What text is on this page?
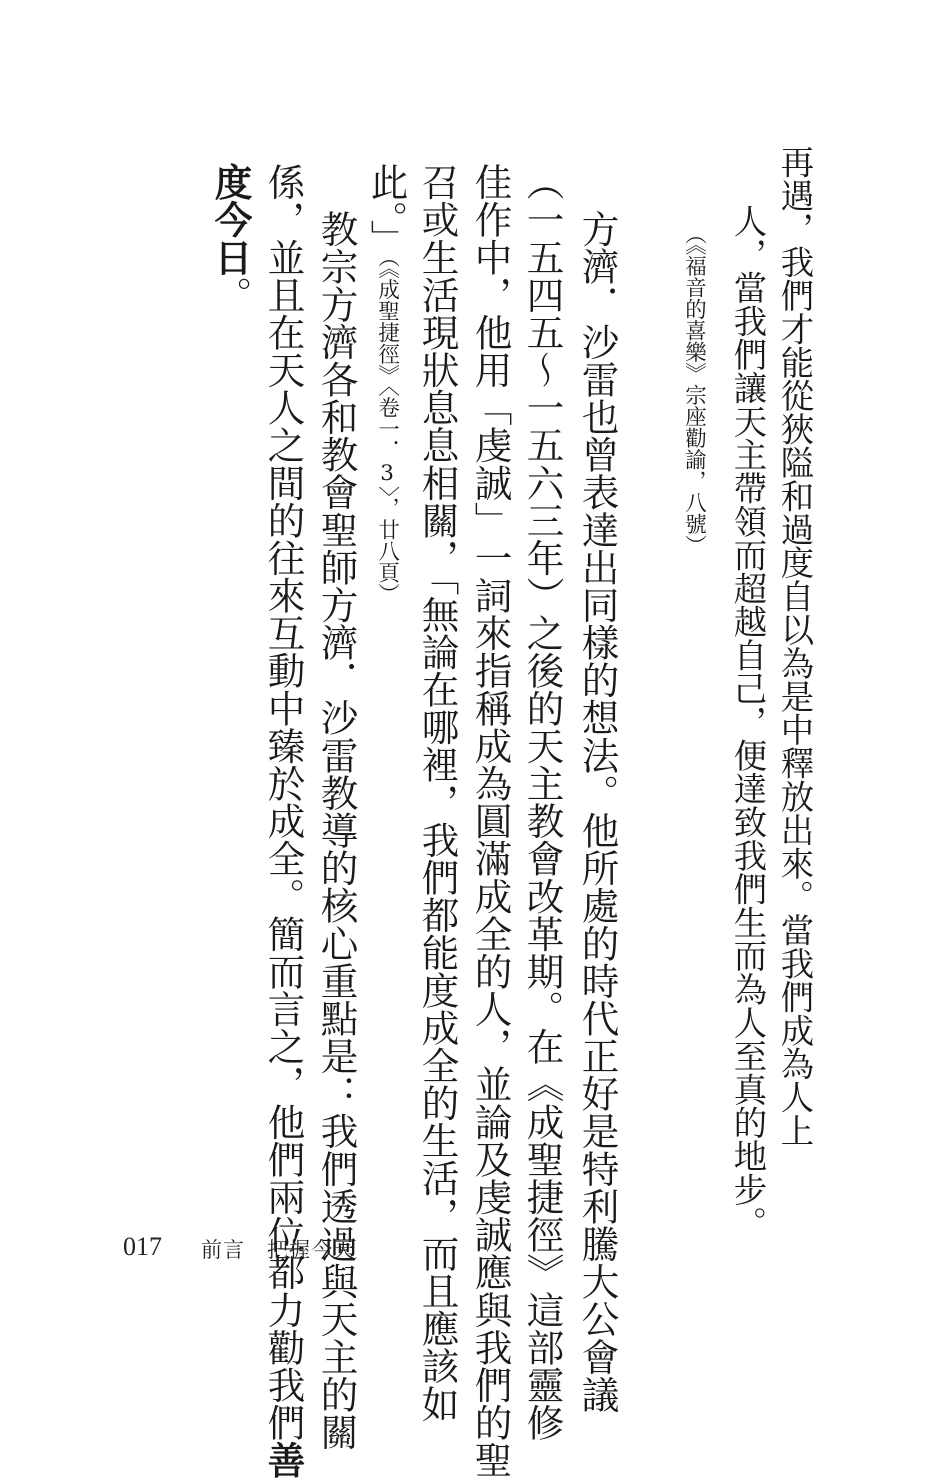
再遇，我們才能從狹隘和過度自以為是中釋放出來。當我們成為人上
人，當我們讓天主帶領而超越自己，便達致我們生而為人至真的地步。
（《福音的喜樂》宗座勸諭，八號）
方濟．沙雷也曾表達出同樣的想法。他所處的時代正好是特利騰大公會議
（一五四五～一五六三年）之後的天主教會改革期。在《成聖捷徑》這部靈修
佳作中，他用「虔誠」一詞來指稱成為圓滿成全的人，並論及虔誠應與我們的聖
召或生活現狀息息相關，「無論在哪裡，我們都能度成全的生活，而且應該如
此。」（《成聖捷徑》〈卷一．3〉，廿八頁）
教宗方濟各和教會聖師方濟．沙雷教導的核心重點是：我們透過與天主的關
係，並且在天人之間的往來互動中臻於成全。簡而言之，他們兩位都力勸我們善
度今日。
017 前言　把握今天
